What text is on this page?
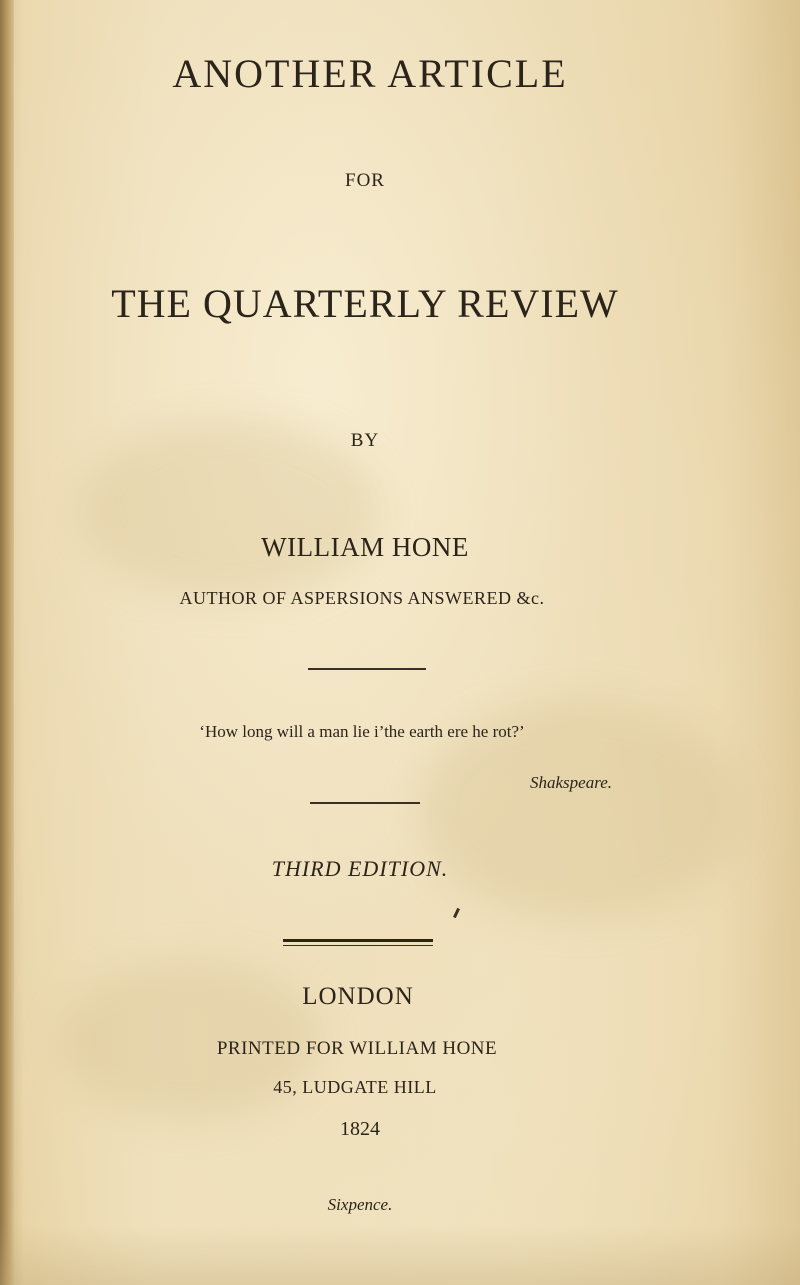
ANOTHER ARTICLE
FOR
THE QUARTERLY REVIEW
BY
WILLIAM HONE
AUTHOR OF ASPERSIONS ANSWERED &c.
‘How long will a man lie i’the earth ere he rot?’
Shakspeare.
THIRD EDITION.
LONDON
PRINTED FOR WILLIAM HONE
45, LUDGATE HILL
1824
Sixpence.
